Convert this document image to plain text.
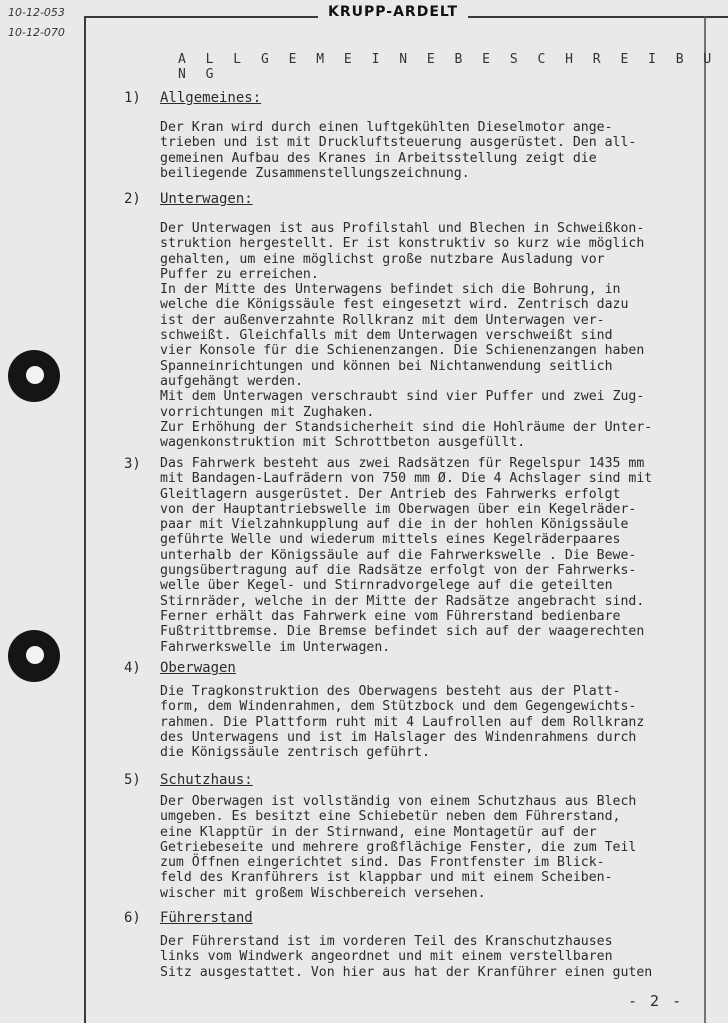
KRUPP-ARDELT
10-12-053
10-12-070
A L L G E M E I N E B E S C H R E I B U N G
1) Allgemeines:
Der Kran wird durch einen luftgekühlten Dieselmotor ange-
trieben und ist mit Druckluftsteuerung ausgerüstet. Den all-
gemeinen Aufbau des Kranes in Arbeitsstellung zeigt die
beiliegende Zusammenstellungszeichnung.
2) Unterwagen:
Der Unterwagen ist aus Profilstahl und Blechen in Schweißkon-
struktion hergestellt. Er ist konstruktiv so kurz wie möglich
gehalten, um eine möglichst große nutzbare Ausladung vor
Puffer zu erreichen.
In der Mitte des Unterwagens befindet sich die Bohrung, in
welche die Königssäule fest eingesetzt wird. Zentrisch dazu
ist der außenverzahnte Rollkranz mit dem Unterwagen ver-
schweißt. Gleichfalls mit dem Unterwagen verschweißt sind
vier Konsole für die Schienenzangen. Die Schienenzangen haben
Spanneinrichtungen und können bei Nichtanwendung seitlich
aufgehängt werden.
Mit dem Unterwagen verschraubt sind vier Puffer und zwei Zug-
vorrichtungen mit Zughaken.
Zur Erhöhung der Standsicherheit sind die Hohlräume der Unter-
wagenkonstruktion mit Schrottbeton ausgefüllt.
3) Das Fahrwerk besteht aus zwei Radsätzen für Regelspur 1435 mm
mit Bandagen-Laufrädern von 750 mm Ø. Die 4 Achslager sind mit
Gleitlagern ausgerüstet. Der Antrieb des Fahrwerks erfolgt
von der Hauptantriebswelle im Oberwagen über ein Kegelräder-
paar mit Vielzahnkupplung auf die in der hohlen Königssäule
geführte Welle und wiederum mittels eines Kegelräderpaares
unterhalb der Königssäule auf die Fahrwerkswelle . Die Bewe-
gungsübertragung auf die Radsätze erfolgt von der Fahrwerks-
welle über Kegel- und Stirnradvorgelege auf die geteilten
Stirnräder, welche in der Mitte der Radsätze angebracht sind.
Ferner erhält das Fahrwerk eine vom Führerstand bedienbare
Fußtrittbremse. Die Bremse befindet sich auf der waagerechten
Fahrwerkswelle im Unterwagen.
4) Oberwagen
Die Tragkonstruktion des Oberwagens besteht aus der Platt-
form, dem Windenrahmen, dem Stützbock und dem Gegengewichts-
rahmen. Die Plattform ruht mit 4 Laufrollen auf dem Rollkranz
des Unterwagens und ist im Halslager des Windenrahmens durch
die Königssäule zentrisch geführt.
5) Schutzhaus:
Der Oberwagen ist vollständig von einem Schutzhaus aus Blech
umgeben. Es besitzt eine Schiebetür neben dem Führerstand,
eine Klapptür in der Stirnwand, eine Montagetür auf der
Getriebeseite und mehrere großflächige Fenster, die zum Teil
zum Öffnen eingerichtet sind. Das Frontfenster im Blick-
feld des Kranführers ist klappbar und mit einem Scheiben-
wischer mit großem Wischbereich versehen.
6) Führerstand
Der Führerstand ist im vorderen Teil des Kranschutzhauses
links vom Windwerk angeordnet und mit einem verstellbaren
Sitz ausgestattet. Von hier aus hat der Kranführer einen guten
- 2 -
